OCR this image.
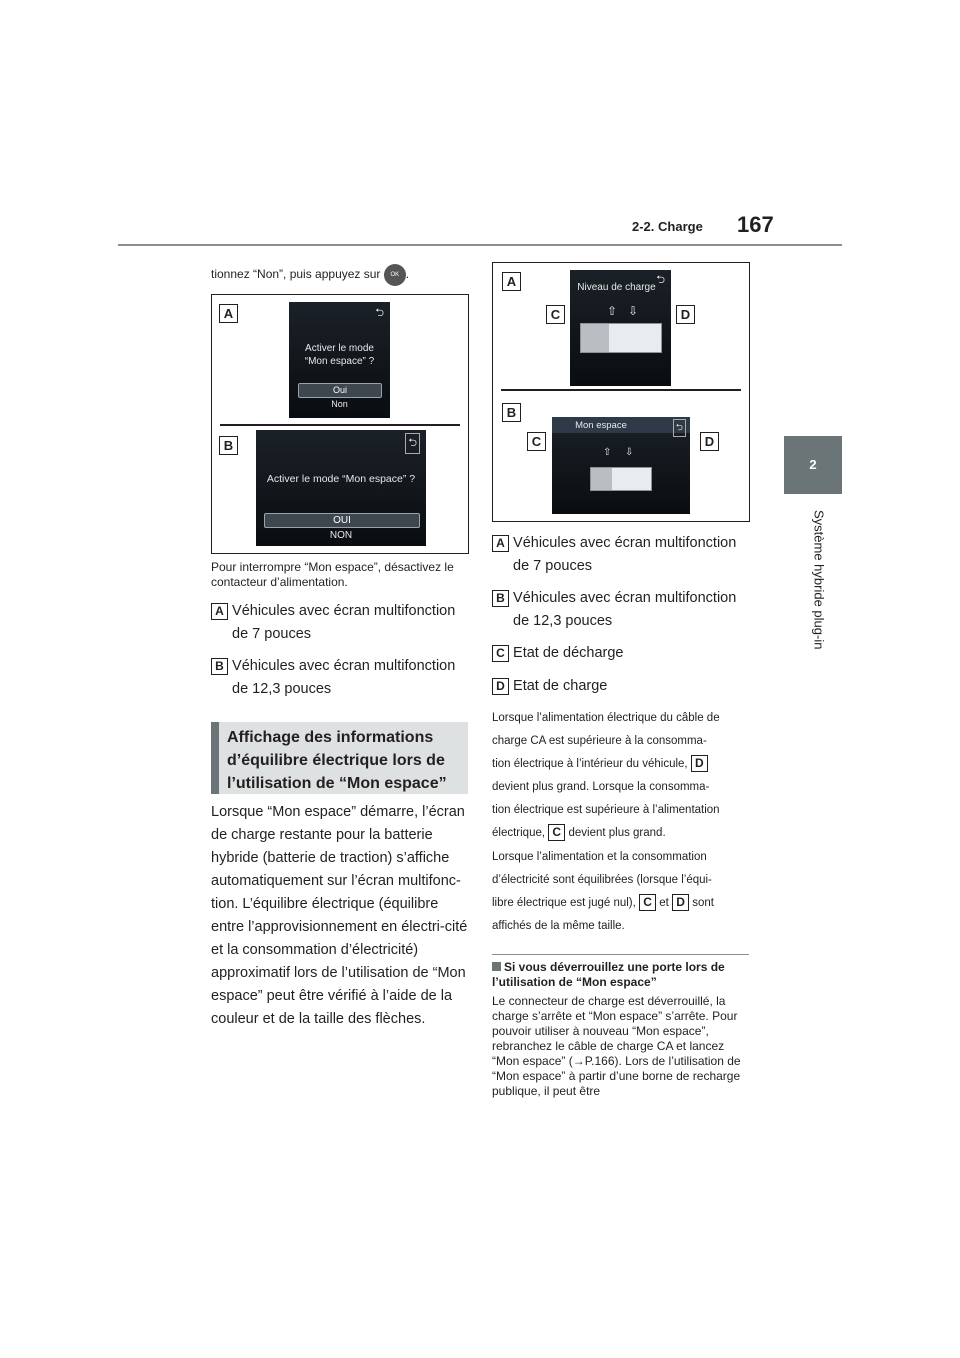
2-2. Charge 167
2
Système hybride plug-in
tionnez “Non”, puis appuyez sur OK .
A	⮌
Activer le mode
“Mon espace” ?
Oui
Non
B	⮌
Activer le mode “Mon espace” ?
OUI
NON
Pour interrompre “Mon espace”, désactivez le contacteur d’alimentation.
A Véhicules avec écran multifonction
de 7 pouces
B Véhicules avec écran multifonction
de 12,3 pouces
Affichage des informations d’équilibre électrique lors de l’utilisation de “Mon espace”
Lorsque “Mon espace” démarre, l’écran de charge restante pour la batterie hybride (batterie de traction) s’affiche automatiquement sur l’écran multifonc-tion. L’équilibre électrique (équilibre entre l’approvisionnement en électri-cité et la consommation d’électricité) approximatif lors de l’utilisation de “Mon espace” peut être vérifié à l’aide de la couleur et de la taille des flèches.
A	⮌
Niveau de charge
⇧ ⇩
C	D
B
Mon espace	⮌
⇧ ⇩
C	D
A Véhicules avec écran multifonction
de 7 pouces
B Véhicules avec écran multifonction
de 12,3 pouces
C Etat de décharge
D Etat de charge
Lorsque l’alimentation électrique du câble de
charge CA est supérieure à la consomma-
tion électrique à l’intérieur du véhicule, D
devient plus grand. Lorsque la consomma-
tion électrique est supérieure à l’alimentation
électrique, C devient plus grand.
Lorsque l’alimentation et la consommation
d’électricité sont équilibrées (lorsque l’équi-
libre électrique est jugé nul), C et D sont
affichés de la même taille.
Si vous déverrouillez une porte lors de l’utilisation de “Mon espace”
Le connecteur de charge est déverrouillé, la charge s’arrête et “Mon espace” s’arrête. Pour pouvoir utiliser à nouveau “Mon espace”, rebranchez le câble de charge CA et lancez “Mon espace” (→P.166). Lors de l’utilisation de “Mon espace” à partir d’une borne de recharge publique, il peut être
